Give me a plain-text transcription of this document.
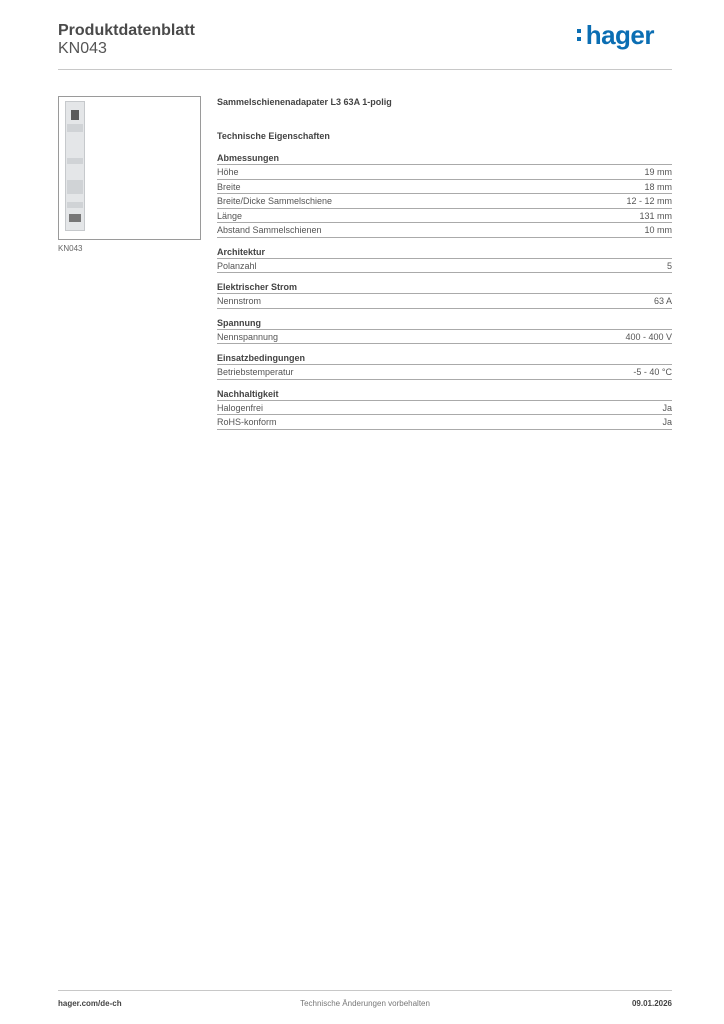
Produktdatenblatt
KN043	hager
KN043
Sammelschienenadapater L3 63A 1-polig
Technische Eigenschaften
Abmessungen
Höhe	19 mm
Breite	18 mm
Breite/Dicke Sammelschiene	12 - 12 mm
Länge	131 mm
Abstand Sammelschienen	10 mm
Architektur
Polanzahl	5
Elektrischer Strom
Nennstrom	63 A
Spannung
Nennspannung	400 - 400 V
Einsatzbedingungen
Betriebstemperatur	-5 - 40 °C
Nachhaltigkeit
Halogenfrei	Ja
RoHS-konform	Ja
hager.com/de-ch	Technische Änderungen vorbehalten	09.01.2026
